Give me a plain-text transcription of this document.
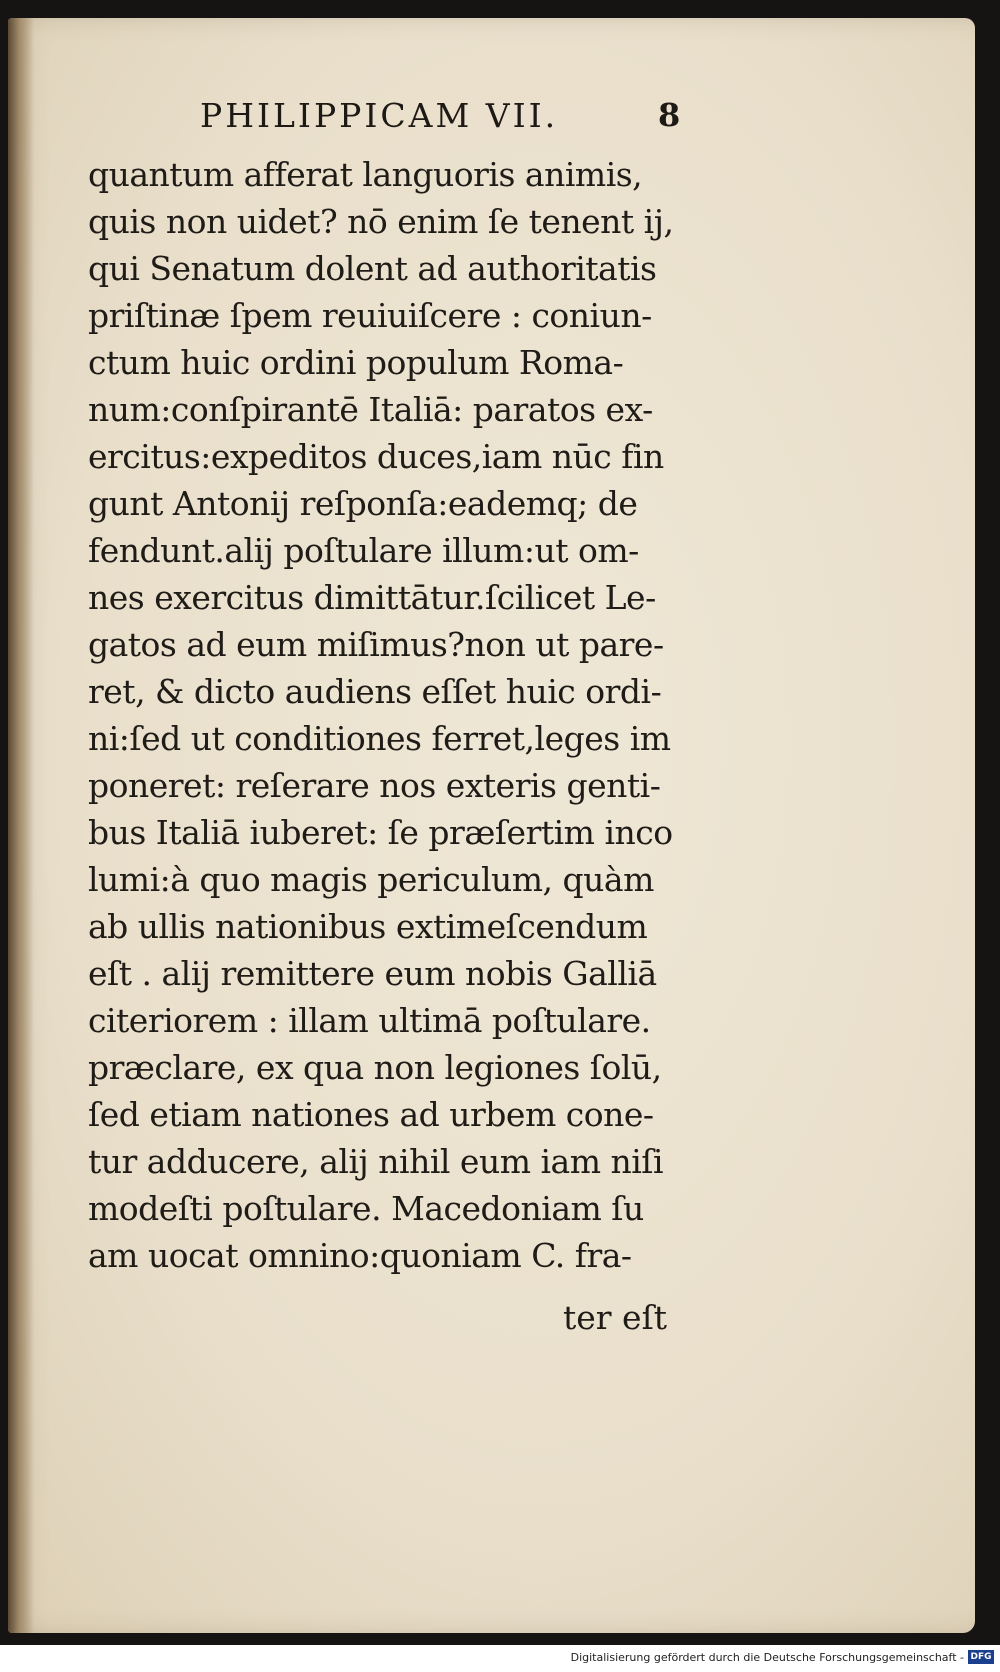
PHILIPPICAM VII.	8
quantum afferat languoris animis,
quis non uidet? nō enim ſe tenent ij,
qui Senatum dolent ad authoritatis
priſtinæ ſpem reuiuiſcere : coniun-
ctum huic ordini populum Roma-
num:conſpirantē Italiā: paratos ex-
ercitus:expeditos duces,iam nūc fin
gunt Antonij reſponſa:eademq; de
fendunt.alij poſtulare illum:ut om-
nes exercitus dimittātur.ſcilicet Le-
gatos ad eum miſimus?non ut pare-
ret, & dicto audiens eſſet huic ordi-
ni:ſed ut conditiones ferret,leges im
poneret: reſerare nos exteris genti-
bus Italiā iuberet: ſe præſertim inco
lumi:à quo magis periculum, quàm
ab ullis nationibus extimeſcendum
eſt . alij remittere eum nobis Galliā
citeriorem : illam ultimā poſtulare.
præclare, ex qua non legiones ſolū,
ſed etiam nationes ad urbem cone-
tur adducere, alij nihil eum iam niſi
modeſti poſtulare. Macedoniam ſu
am uocat omnino:quoniam C. fra-
ter eſt
Digitalisierung gefördert durch die Deutsche Forschungsgemeinschaft - DFG
